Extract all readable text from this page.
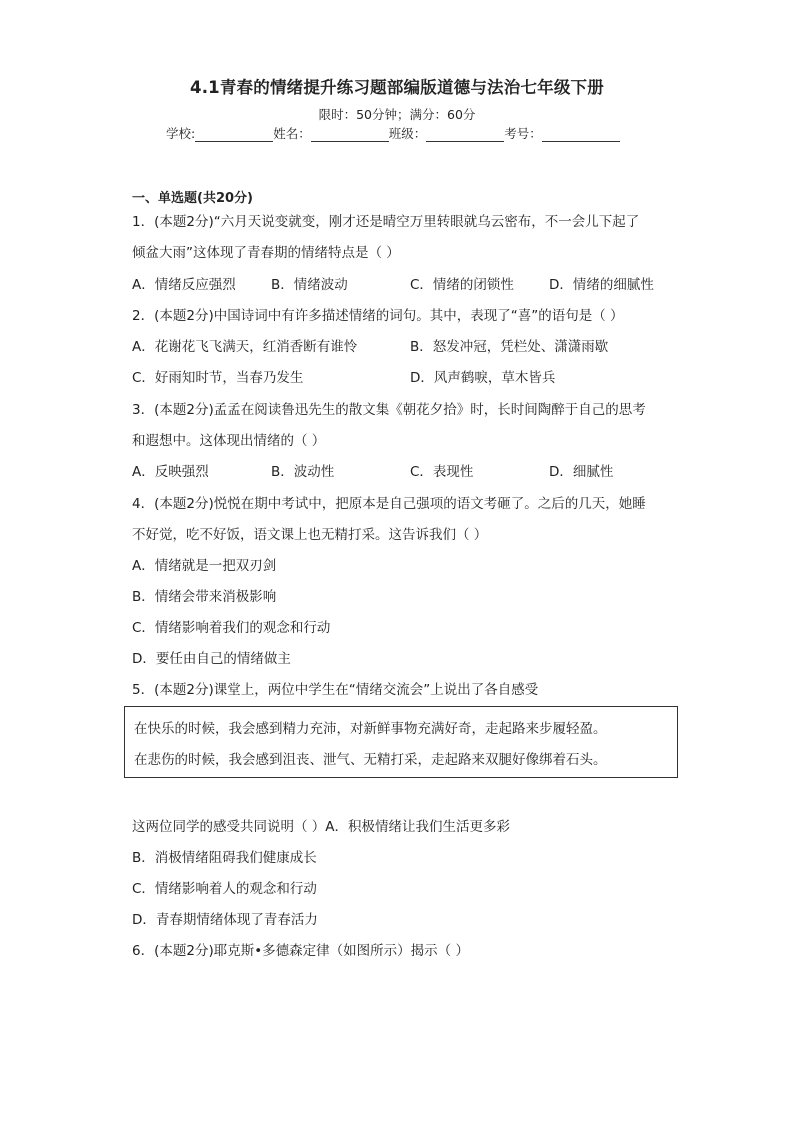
4.1青春的情绪提升练习题部编版道德与法治七年级下册
限时：50分钟；满分：60分
学校:	姓名：	班级：	考号：
一、单选题(共20分)
1．(本题2分)“六月天说变就变，刚才还是晴空万里转眼就乌云密布，不一会儿下起了
倾盆大雨”这体现了青春期的情绪特点是（ ）
A．情绪反应强烈	B．情绪波动	C．情绪的闭锁性	D．情绪的细腻性
2．(本题2分)中国诗词中有许多描述情绪的词句。其中，表现了“喜”的语句是（ ）
A．花谢花飞飞满天，红消香断有谁怜	B．怒发冲冠，凭栏处、潇潇雨歇
C．好雨知时节，当春乃发生	D．风声鹤唳，草木皆兵
3．(本题2分)孟孟在阅读鲁迅先生的散文集《朝花夕拾》时，长时间陶醉于自己的思考
和遐想中。这体现出情绪的（ ）
A．反映强烈	B．波动性	C．表现性	D．细腻性
4．(本题2分)悦悦在期中考试中，把原本是自己强项的语文考砸了。之后的几天，她睡
不好觉，吃不好饭，语文课上也无精打采。这告诉我们（ ）
A．情绪就是一把双刃剑
B．情绪会带来消极影响
C．情绪影响着我们的观念和行动
D．要任由自己的情绪做主
5．(本题2分)课堂上，两位中学生在“情绪交流会”上说出了各自感受
在快乐的时候，我会感到精力充沛，对新鲜事物充满好奇，走起路来步履轻盈。
在悲伤的时候，我会感到沮丧、泄气、无精打采，走起路来双腿好像绑着石头。
这两位同学的感受共同说明（ ）A．积极情绪让我们生活更多彩
B．消极情绪阻碍我们健康成长
C．情绪影响着人的观念和行动
D．青春期情绪体现了青春活力
6．(本题2分)耶克斯•多德森定律（如图所示）揭示（ ）
